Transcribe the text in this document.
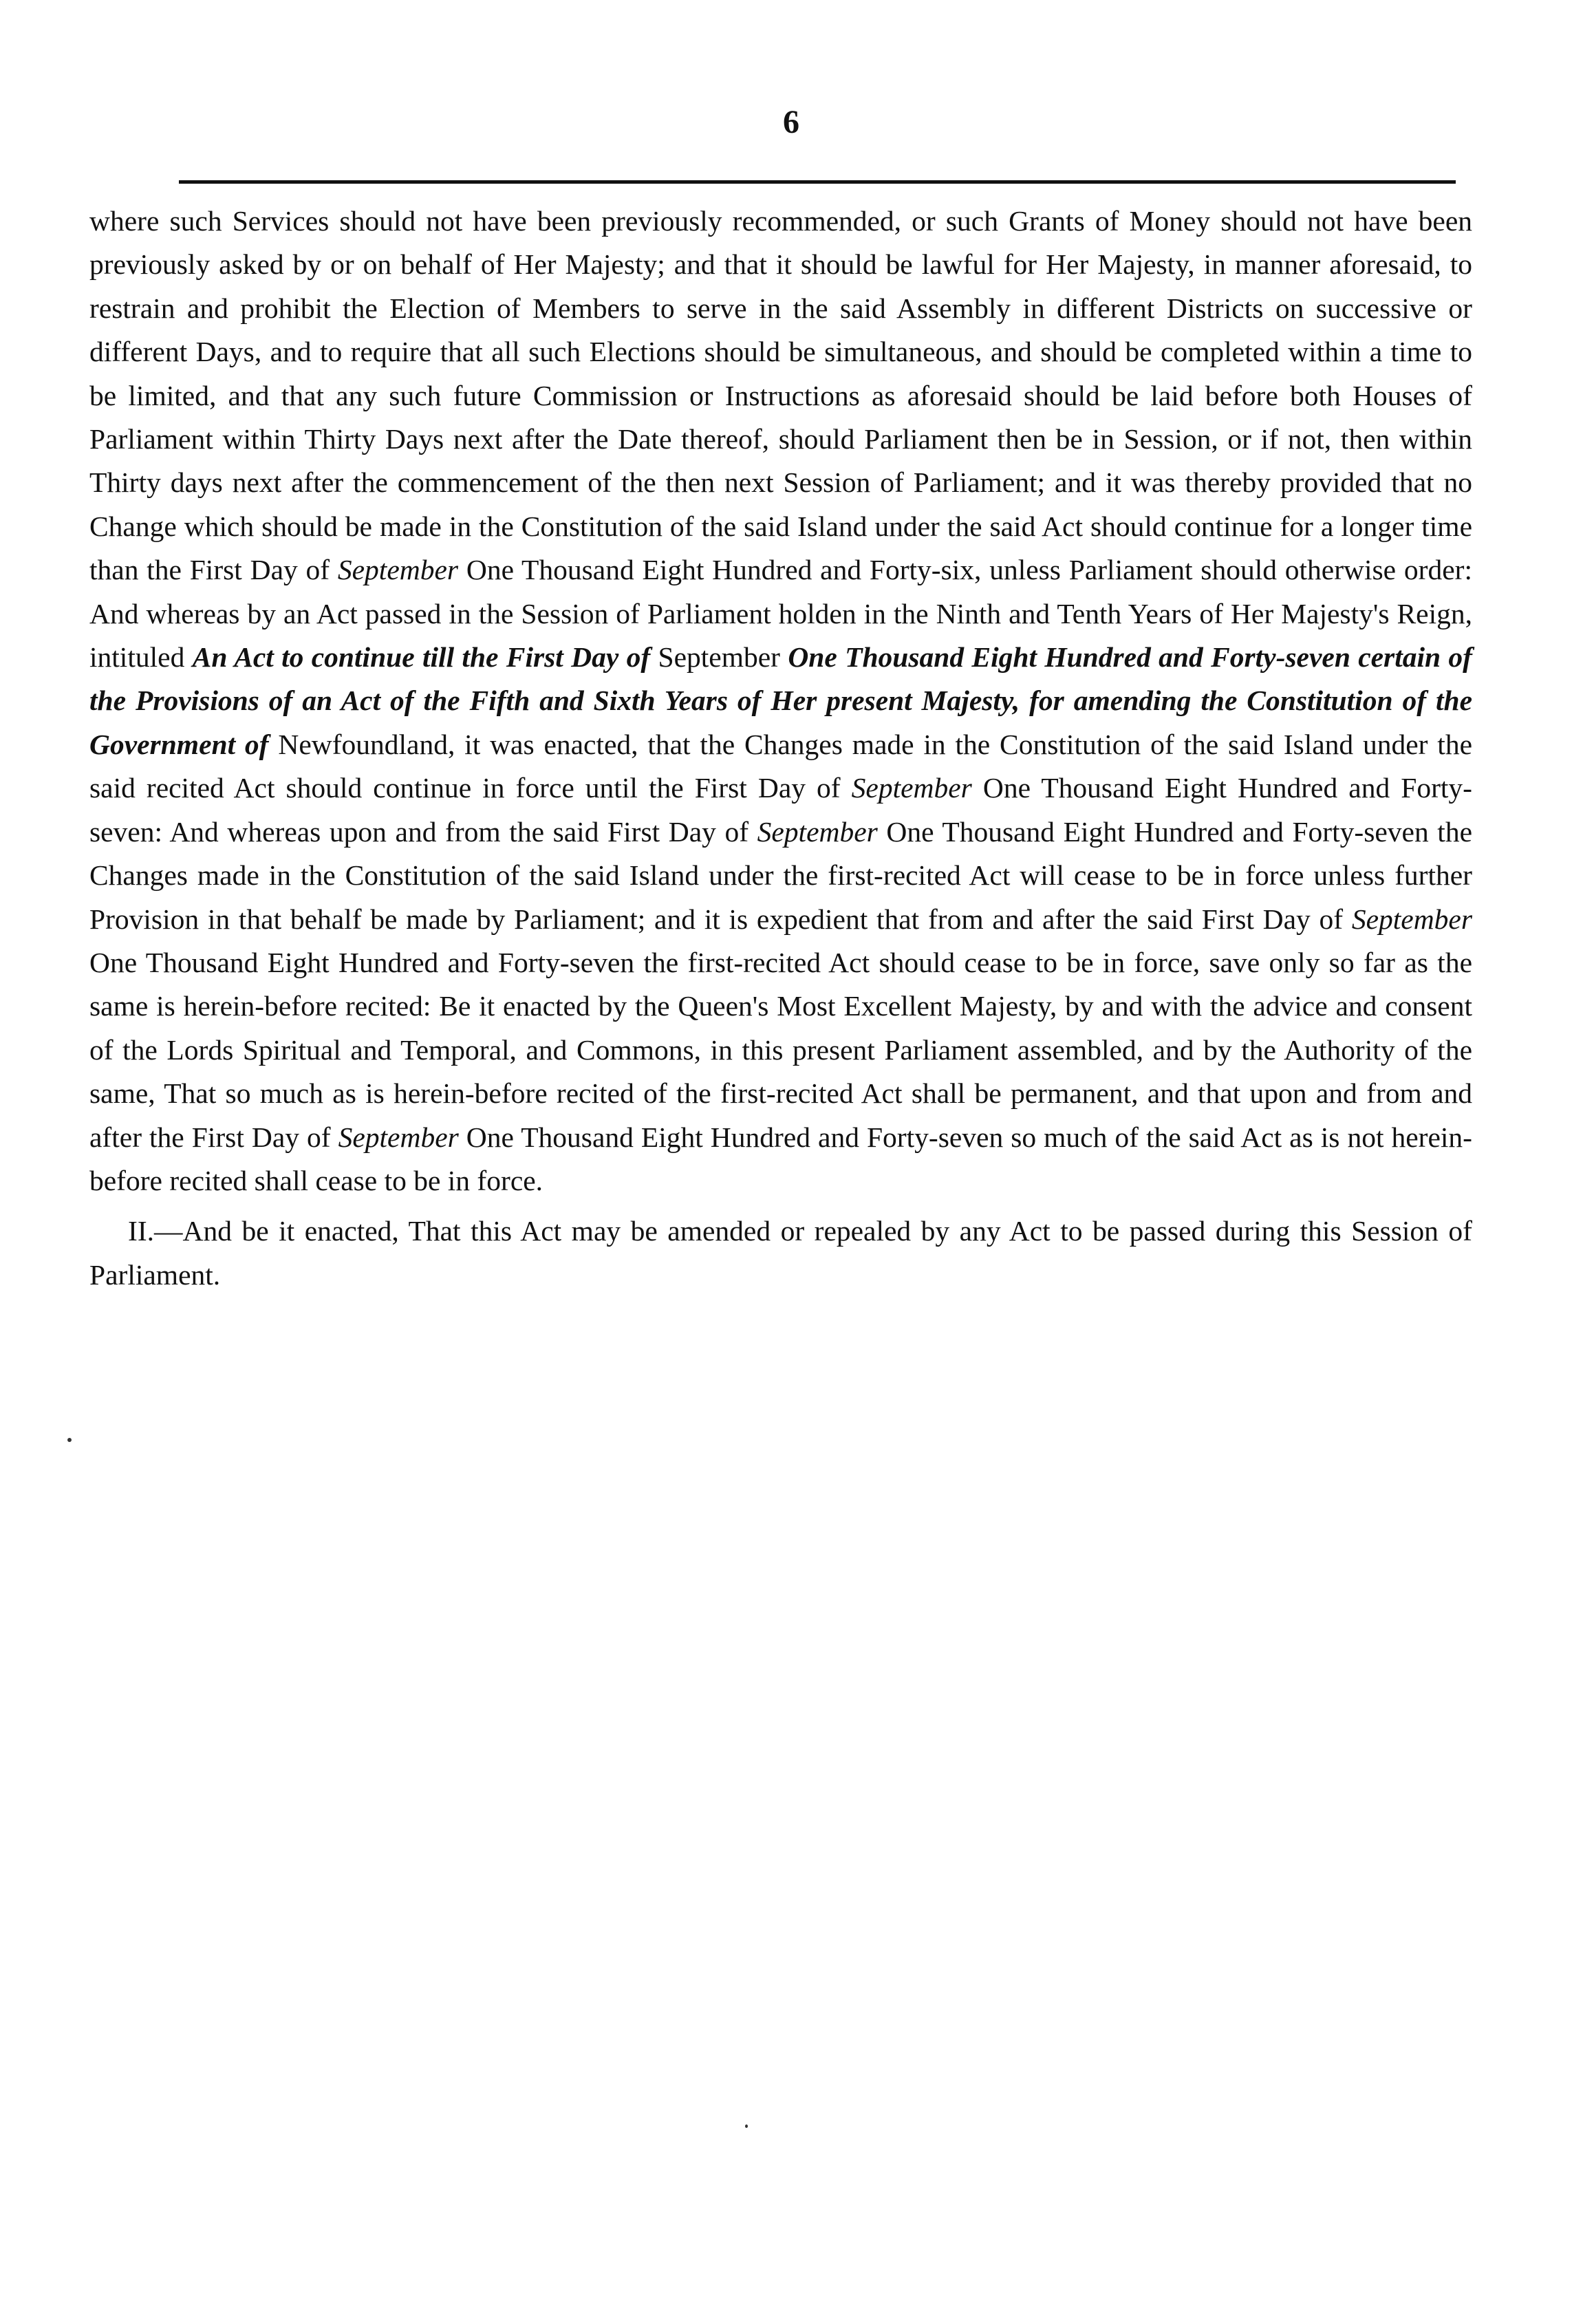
6

where such Services should not have been previously recommended, or such Grants of Money should not have been previously asked by or on behalf of Her Majesty; and that it should be lawful for Her Majesty, in manner aforesaid, to restrain and prohibit the Election of Members to serve in the said Assembly in different Districts on successive or different Days, and to require that all such Elections should be simultaneous, and should be completed within a time to be limited, and that any such future Commission or Instructions as aforesaid should be laid before both Houses of Parliament within Thirty Days next after the Date thereof, should Parliament then be in Session, or if not, then within Thirty days next after the commencement of the then next Session of Parliament; and it was thereby provided that no Change which should be made in the Constitution of the said Island under the said Act should continue for a longer time than the First Day of September One Thousand Eight Hundred and Forty-six, unless Parliament should otherwise order: And whereas by an Act passed in the Session of Parliament holden in the Ninth and Tenth Years of Her Majesty's Reign, intituled An Act to continue till the First Day of September One Thousand Eight Hundred and Forty-seven certain of the Provisions of an Act of the Fifth and Sixth Years of Her present Majesty, for amending the Constitution of the Government of Newfoundland, it was enacted, that the Changes made in the Constitution of the said Island under the said recited Act should continue in force until the First Day of September One Thousand Eight Hundred and Forty-seven: And whereas upon and from the said First Day of September One Thousand Eight Hundred and Forty-seven the Changes made in the Constitution of the said Island under the first-recited Act will cease to be in force unless further Provision in that behalf be made by Parliament; and it is expedient that from and after the said First Day of September One Thousand Eight Hundred and Forty-seven the first-recited Act should cease to be in force, save only so far as the same is herein-before recited: Be it enacted by the Queen's Most Excellent Majesty, by and with the advice and consent of the Lords Spiritual and Temporal, and Commons, in this present Parliament assembled, and by the Authority of the same, That so much as is herein-before recited of the first-recited Act shall be permanent, and that upon and from and after the First Day of September One Thousand Eight Hundred and Forty-seven so much of the said Act as is not herein-before recited shall cease to be in force.

II.—And be it enacted, That this Act may be amended or repealed by any Act to be passed during this Session of Parliament.
